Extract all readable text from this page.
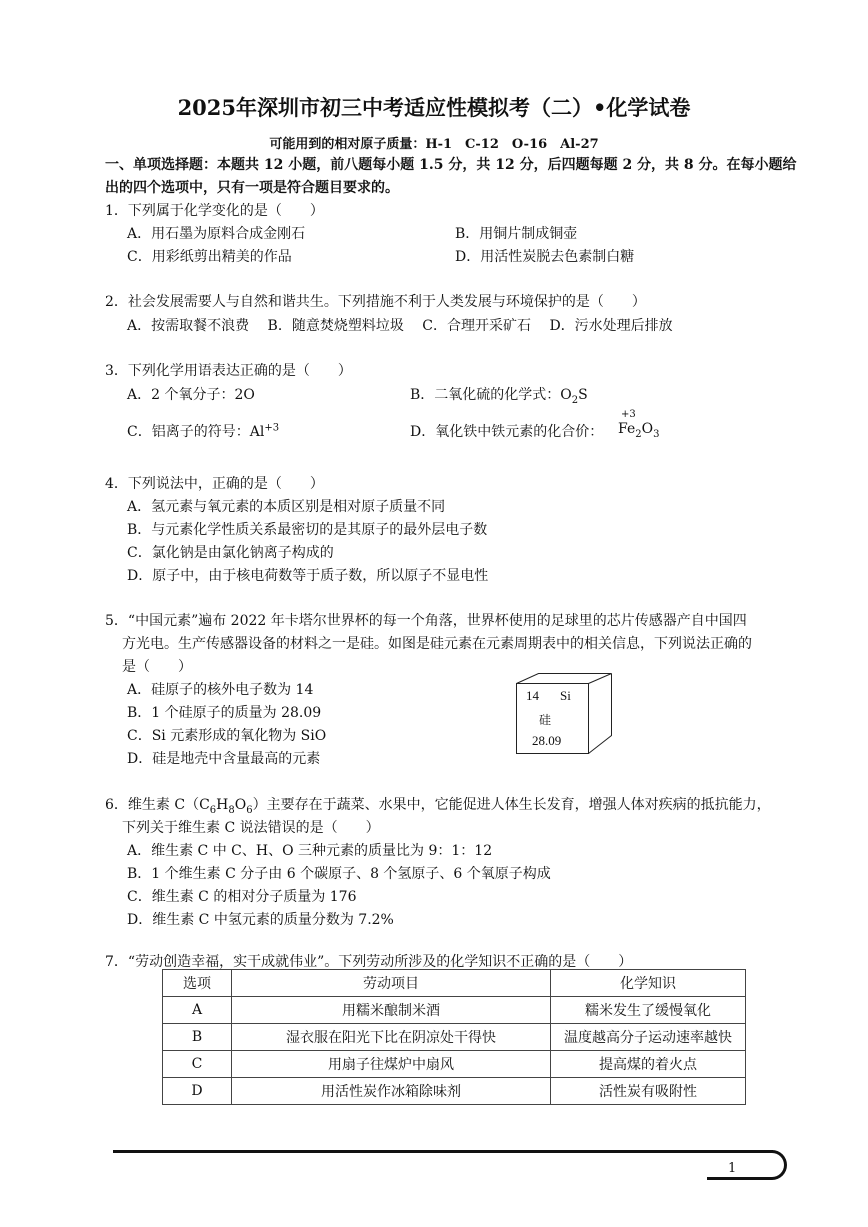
2025年深圳市初三中考适应性模拟考（二）•化学试卷
可能用到的相对原子质量：H-1　C-12　O-16　Al-27
一、单项选择题：本题共 12 小题，前八题每小题 1.5 分，共 12 分，后四题每题 2 分，共 8 分。在每小题给出的四个选项中，只有一项是符合题目要求的。
1．下列属于化学变化的是（　　）
A．用石墨为原料合成金刚石	B．用铜片制成铜壶
C．用彩纸剪出精美的作品	D．用活性炭脱去色素制白糖
2．社会发展需要人与自然和谐共生。下列措施不利于人类发展与环境保护的是（　　）
A．按需取餐不浪费　 B．随意焚烧塑料垃圾　 C．合理开采矿石　 D．污水处理后排放
3．下列化学用语表达正确的是（　　）
A．2 个氧分子：2O	B．二氧化硫的化学式：$O_2S$
C．铝离子的符号：$Al^{+3}$	D．氧化铁中铁元素的化合价：
+3
$Fe_2O_3$
4．下列说法中，正确的是（　　）
A．氢元素与氧元素的本质区别是相对原子质量不同
B．与元素化学性质关系最密切的是其原子的最外层电子数
C．氯化钠是由氯化钠离子构成的
D．原子中，由于核电荷数等于质子数，所以原子不显电性
5．“中国元素”遍布 2022 年卡塔尔世界杯的每一个角落，世界杯使用的足球里的芯片传感器产自中国四
方光电。生产传感器设备的材料之一是硅。如图是硅元素在元素周期表中的相关信息，下列说法正确的
是（　　）
A．硅原子的核外电子数为 14
B．1 个硅原子的质量为 28.09
C．Si 元素形成的氧化物为 SiO
D．硅是地壳中含量最高的元素
14 Si
硅
28.09
6．维生素 $C(C_6H_8O_6)$主要存在于蔬菜、水果中，它能促进人体生长发育，增强人体对疾病的抵抗能力，
下列关于维生素 C 说法错误的是（　　）
A．维生素 C 中 C、H、O 三种元素的质量比为 9：1：12
B．1 个维生素 C 分子由 6 个碳原子、8 个氢原子、6 个氧原子构成
C．维生素 C 的相对分子质量为 176
D．维生素 C 中氢元素的质量分数为 7.2%
7．“劳动创造幸福，实干成就伟业”。下列劳动所涉及的化学知识不正确的是（　　）
选项	劳动项目	化学知识
A	用糯米酿制米酒	糯米发生了缓慢氧化
B	湿衣服在阳光下比在阴凉处干得快	温度越高分子运动速率越快
C	用扇子往煤炉中扇风	提高煤的着火点
D	用活性炭作冰箱除味剂	活性炭有吸附性
1
